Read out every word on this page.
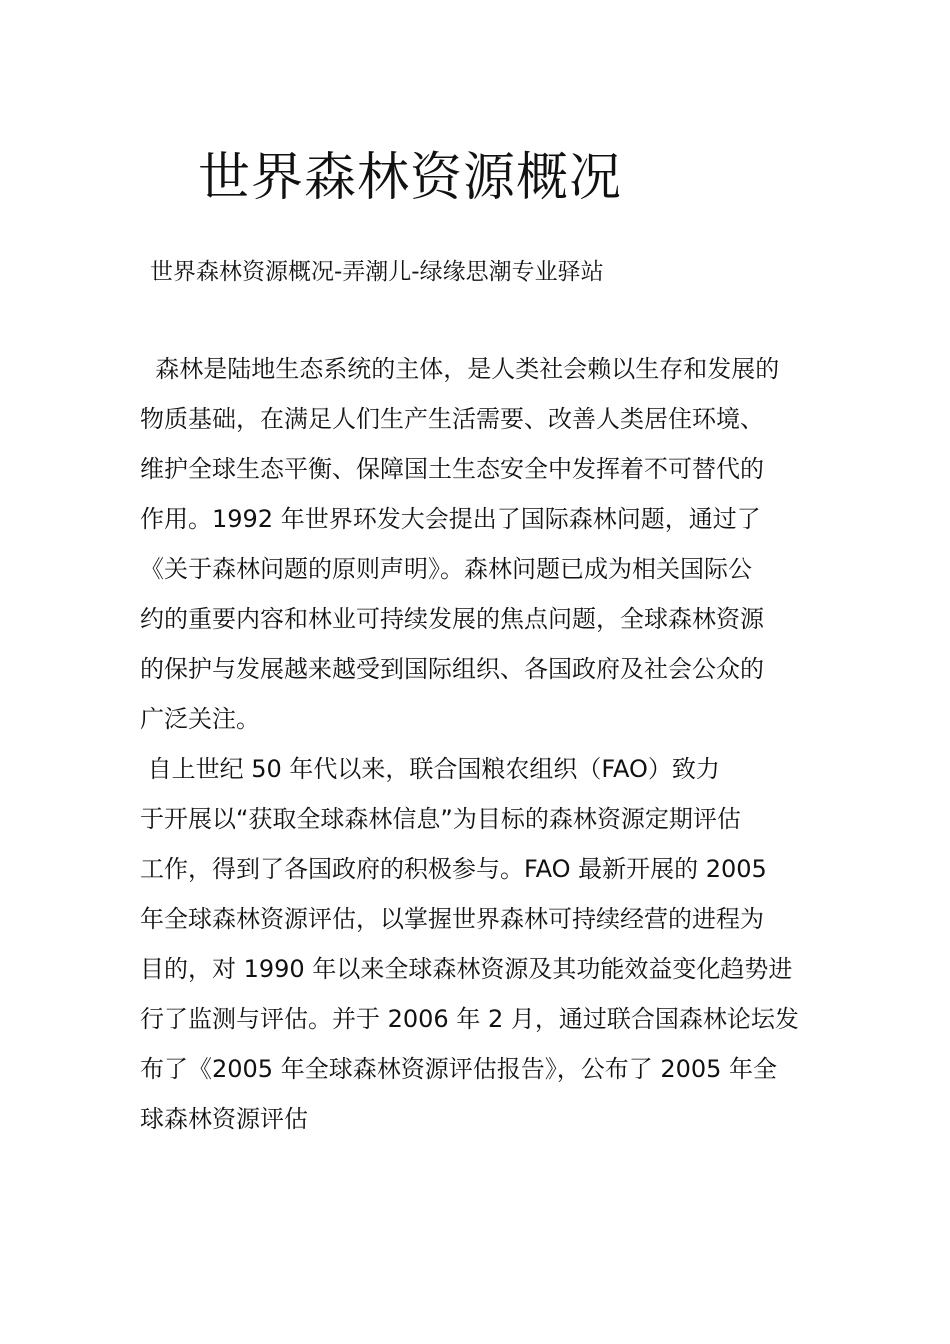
世界森林资源概况

世界森林资源概况-弄潮儿-绿缘思潮专业驿站

森林是陆地生态系统的主体，是人类社会赖以生存和发展的
物质基础，在满足人们生产生活需要、改善人类居住环境、
维护全球生态平衡、保障国土生态安全中发挥着不可替代的
作用。1992 年世界环发大会提出了国际森林问题，通过了
《关于森林问题的原则声明》。森林问题已成为相关国际公
约的重要内容和林业可持续发展的焦点问题，全球森林资源
的保护与发展越来越受到国际组织、各国政府及社会公众的
广泛关注。
自上世纪 50 年代以来，联合国粮农组织（FAO）致力
于开展以“获取全球森林信息”为目标的森林资源定期评估
工作，得到了各国政府的积极参与。FAO 最新开展的 2005
年全球森林资源评估，以掌握世界森林可持续经营的进程为
目的，对 1990 年以来全球森林资源及其功能效益变化趋势进
行了监测与评估。并于 2006 年 2 月，通过联合国森林论坛发
布了《2005 年全球森林资源评估报告》，公布了 2005 年全
球森林资源评估
